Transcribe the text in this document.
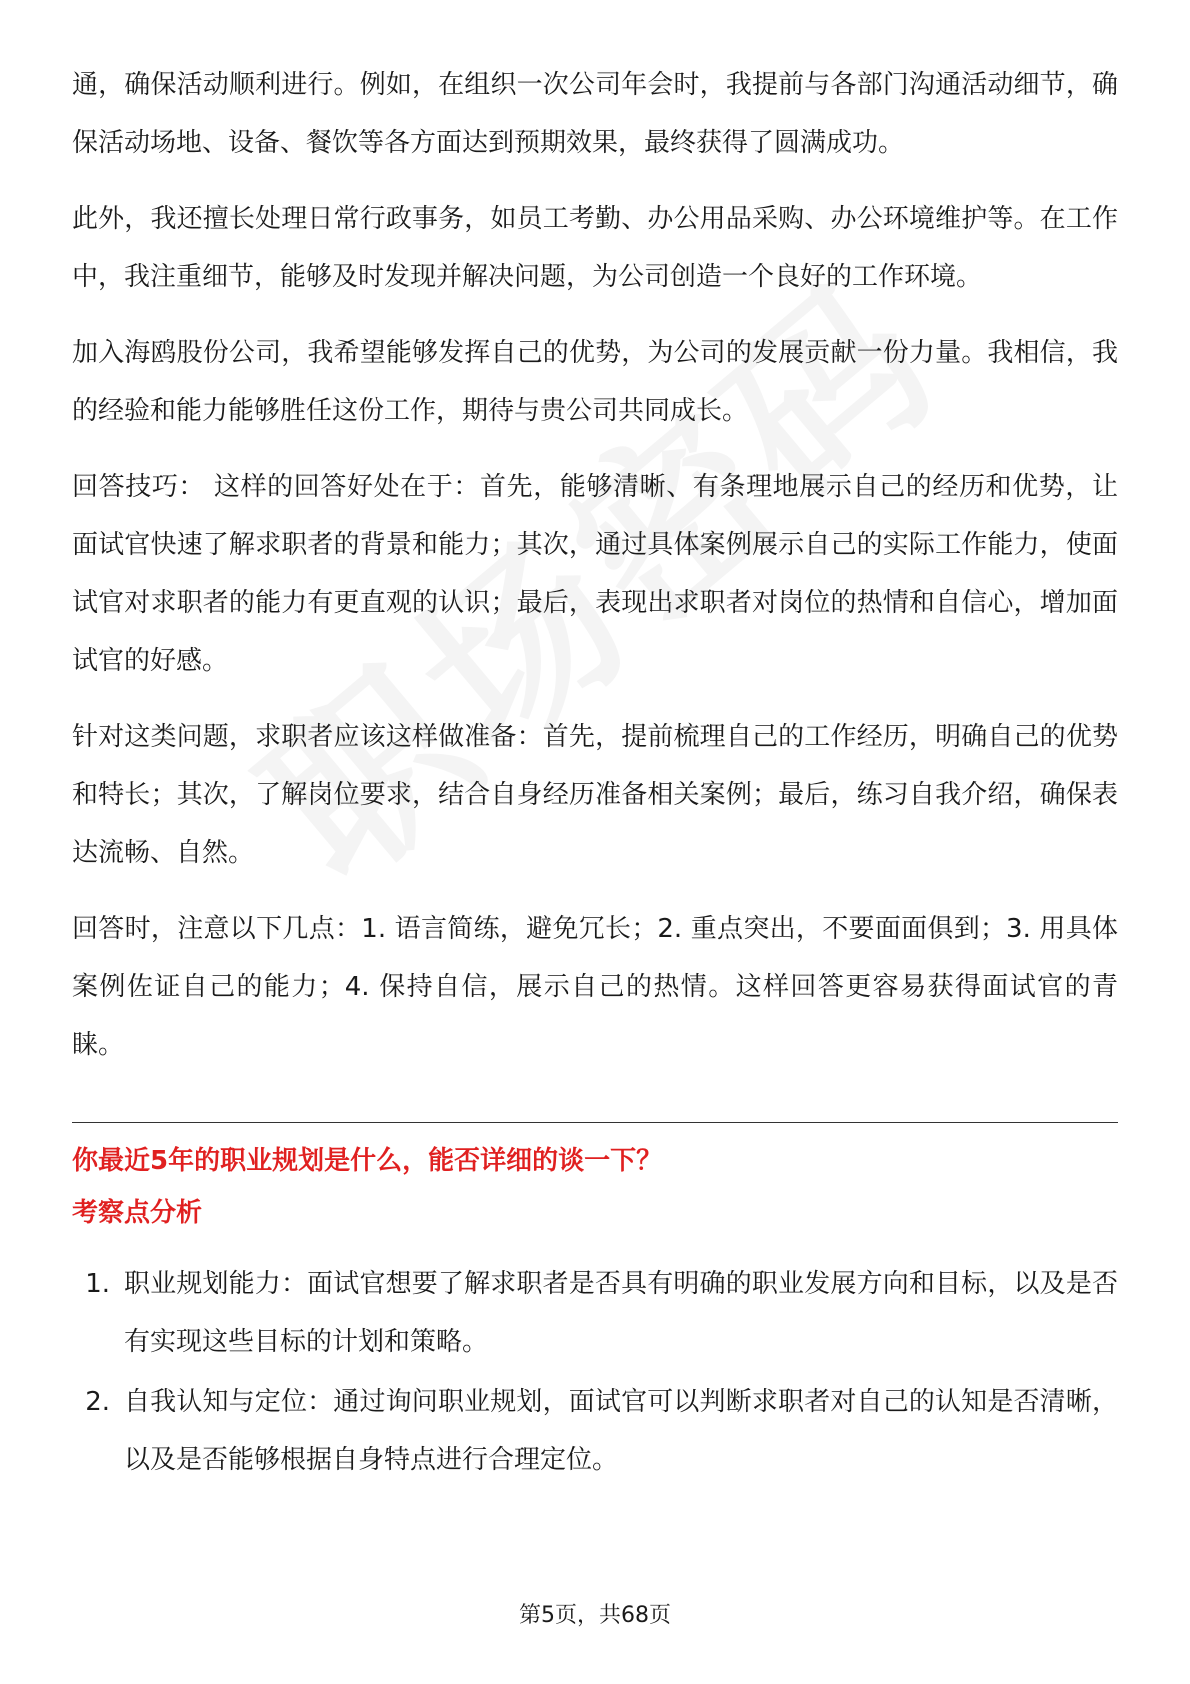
通，确保活动顺利进行。例如，在组织一次公司年会时，我提前与各部门沟通活动细节，确保活动场地、设备、餐饮等各方面达到预期效果，最终获得了圆满成功。

此外，我还擅长处理日常行政事务，如员工考勤、办公用品采购、办公环境维护等。在工作中，我注重细节，能够及时发现并解决问题，为公司创造一个良好的工作环境。

加入海鸥股份公司，我希望能够发挥自己的优势，为公司的发展贡献一份力量。我相信，我的经验和能力能够胜任这份工作，期待与贵公司共同成长。

回答技巧： 这样的回答好处在于：首先，能够清晰、有条理地展示自己的经历和优势，让面试官快速了解求职者的背景和能力；其次，通过具体案例展示自己的实际工作能力，使面试官对求职者的能力有更直观的认识；最后，表现出求职者对岗位的热情和自信心，增加面试官的好感。

针对这类问题，求职者应该这样做准备：首先，提前梳理自己的工作经历，明确自己的优势和特长；其次，了解岗位要求，结合自身经历准备相关案例；最后，练习自我介绍，确保表达流畅、自然。

回答时，注意以下几点：1. 语言简练，避免冗长；2. 重点突出，不要面面俱到；3. 用具体案例佐证自己的能力；4. 保持自信，展示自己的热情。这样回答更容易获得面试官的青睐。

你最近5年的职业规划是什么，能否详细的谈一下？

考察点分析

1. 职业规划能力：面试官想要了解求职者是否具有明确的职业发展方向和目标，以及是否有实现这些目标的计划和策略。
2. 自我认知与定位：通过询问职业规划，面试官可以判断求职者对自己的认知是否清晰，以及是否能够根据自身特点进行合理定位。
第5页，共68页
